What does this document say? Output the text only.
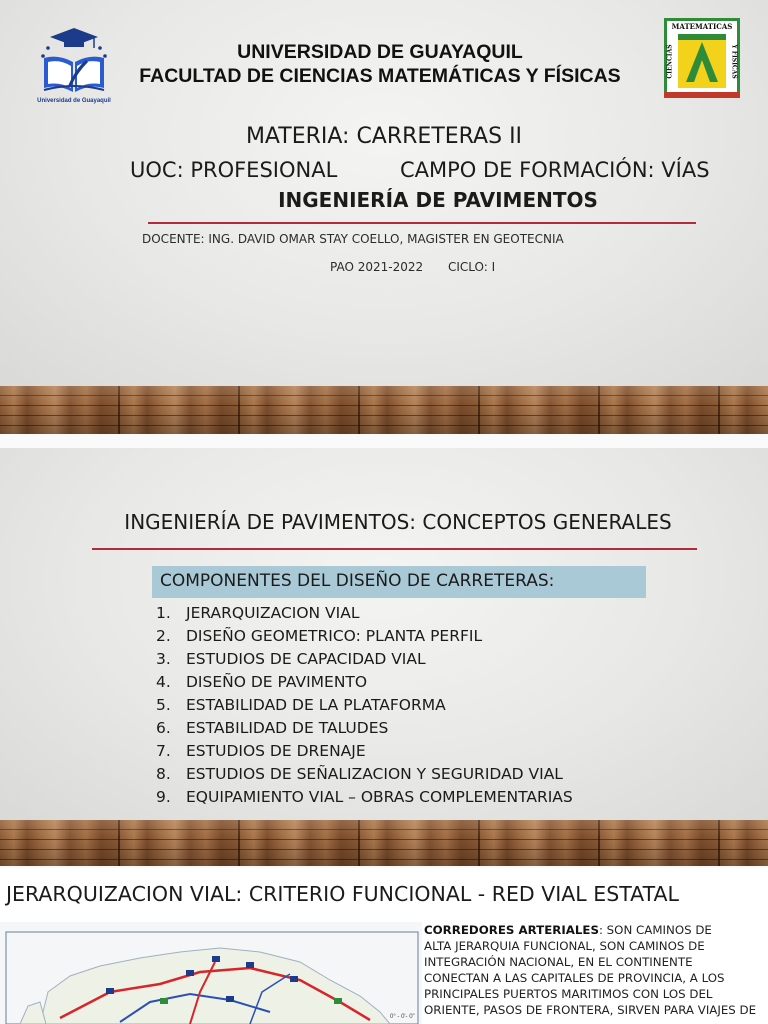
Universidad de Guayaquil
MATEMATICAS
CIENCIAS	Y FISICAS
UNIVERSIDAD DE GUAYAQUIL
FACULTAD DE CIENCIAS MATEMÁTICAS Y FÍSICAS
MATERIA: CARRETERAS II
UOC: PROFESIONAL	CAMPO DE FORMACIÓN: VÍAS
INGENIERÍA DE PAVIMENTOS
DOCENTE: ING. DAVID OMAR STAY COELLO, MAGISTER EN GEOTECNIA
PAO 2021-2022 CICLO: I
INGENIERÍA DE PAVIMENTOS: CONCEPTOS GENERALES
COMPONENTES DEL DISEÑO DE CARRETERAS:
1. JERARQUIZACION VIAL
2. DISEÑO GEOMETRICO: PLANTA PERFIL
3. ESTUDIOS DE CAPACIDAD VIAL
4. DISEÑO DE PAVIMENTO
5. ESTABILIDAD DE LA PLATAFORMA
6. ESTABILIDAD DE TALUDES
7. ESTUDIOS DE DRENAJE
8. ESTUDIOS DE SEÑALIZACION Y SEGURIDAD VIAL
9. EQUIPAMIENTO VIAL – OBRAS COMPLEMENTARIAS
JERARQUIZACION VIAL: CRITERIO FUNCIONAL - RED VIAL ESTATAL
0° - 0'- 0"

CORREDORES ARTERIALES: SON CAMINOS DE

ALTA JERARQUIA FUNCIONAL, SON CAMINOS DE

INTEGRACIÓN NACIONAL, EN EL CONTINENTE

CONECTAN A LAS CAPITALES DE PROVINCIA, A LOS

PRINCIPALES PUERTOS MARITIMOS CON LOS DEL

ORIENTE, PASOS DE FRONTERA, SIRVEN PARA VIAJES DE
